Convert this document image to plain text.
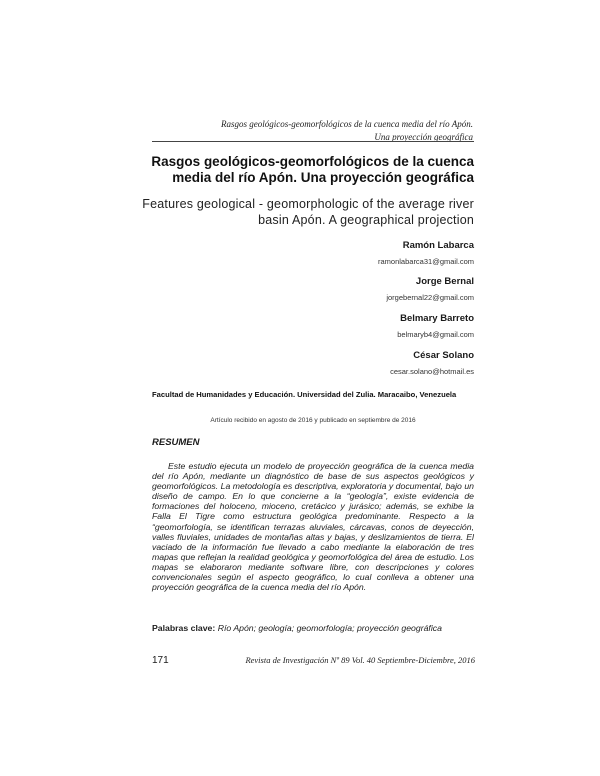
Rasgos geológicos-geomorfológicos de la cuenca media del río Apón.
Una proyección geográfica
Rasgos geológicos-geomorfológicos de la cuenca media del río Apón. Una proyección geográfica
Features geological - geomorphologic of the average river basin Apón. A geographical projection
Ramón Labarca
ramonlabarca31@gmail.com
Jorge Bernal
jorgebernal22@gmail.com
Belmary Barreto
belmaryb4@gmail.com
César Solano
cesar.solano@hotmail.es
Facultad de Humanidades y Educación. Universidad del Zulia. Maracaibo, Venezuela
Artículo recibido en agosto de 2016 y publicado en septiembre de 2016
RESUMEN
Este estudio ejecuta un modelo de proyección geográfica de la cuenca media del río Apón, mediante un diagnóstico de base de sus aspectos geológicos y geomorfológicos. La metodología es descriptiva, exploratoria y documental, bajo un diseño de campo. En lo que concierne a la “geología”, existe evidencia de formaciones del holoceno, mioceno, cretácico y jurásico; además, se exhibe la Falla El Tigre como estructura geológica predominante. Respecto a la “geomorfología, se identifican terrazas aluviales, cárcavas, conos de deyección, valles fluviales, unidades de montañas altas y bajas, y deslizamientos de tierra. El vaciado de la información fue llevado a cabo mediante la elaboración de tres mapas que reflejan la realidad geológica y geomorfológica del área de estudio. Los mapas se elaboraron mediante software libre, con descripciones y colores convencionales según el aspecto geográfico, lo cual conlleva a obtener una proyección geográfica de la cuenca media del río Apón.
Palabras clave: Río Apón; geología; geomorfología; proyección geográfica
171	Revista de Investigación Nº 89 Vol. 40 Septiembre-Diciembre, 2016
